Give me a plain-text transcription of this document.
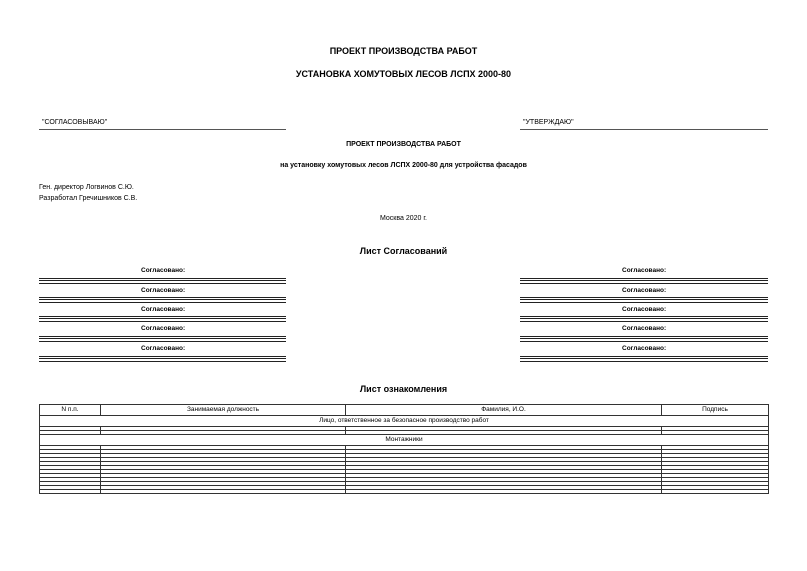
ПРОЕКТ ПРОИЗВОДСТВА РАБОТ
УСТАНОВКА ХОМУТОВЫХ ЛЕСОВ ЛСПХ 2000-80
"СОГЛАСОВЫВАЮ"	"УТВЕРЖДАЮ"
ПРОЕКТ ПРОИЗВОДСТВА РАБОТ
на установку хомутовых лесов ЛСПХ 2000-80 для устройства фасадов
Ген. директор Логвинов С.Ю.
Разработал Гречишников С.В.
Москва 2020 г.
Лист Согласований
Согласовано:
Согласовано:
Согласовано:
Согласовано:
Согласовано:
Согласовано:
Согласовано:
Согласовано:
Согласовано:
Согласовано:
Лист ознакомления
N п.п.	Занимаемая должность	Фамилия, И.О.	Подпись
Лицо, ответственное за безопасное производство работ			

Монтажники			
